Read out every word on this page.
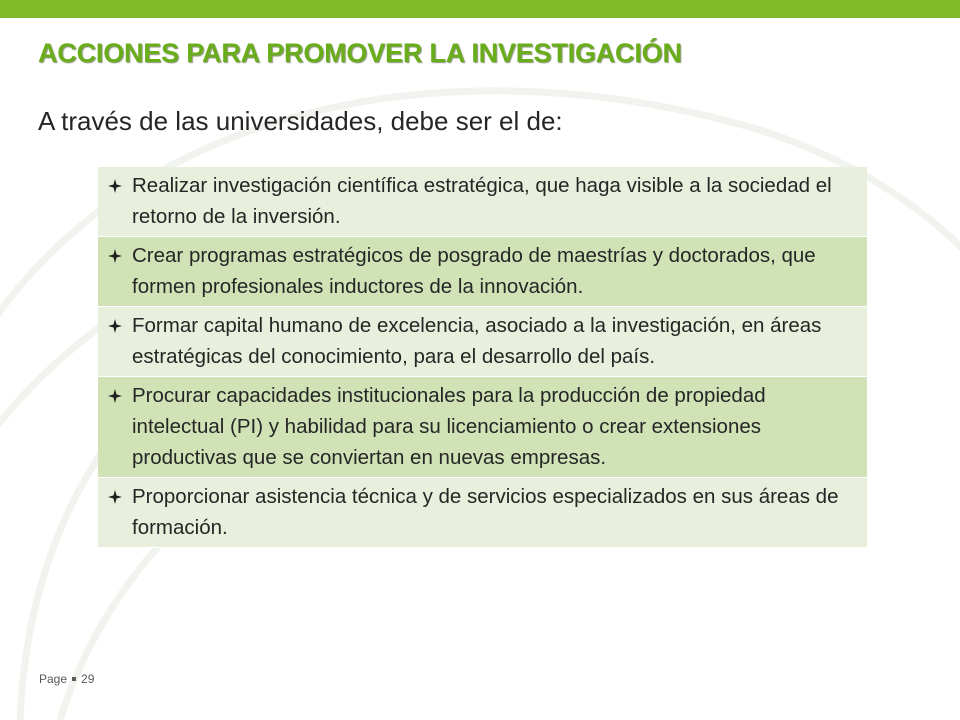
ACCIONES PARA PROMOVER LA INVESTIGACIÓN

A través de las universidades, debe ser el de:

Realizar investigación científica estratégica, que haga visible a la sociedad el retorno de la inversión.

Crear programas estratégicos de posgrado de maestrías y doctorados, que formen profesionales inductores de la innovación.

Formar capital humano de excelencia, asociado a la investigación, en áreas estratégicas del conocimiento, para el desarrollo del país.

Procurar capacidades institucionales para la producción de propiedad intelectual (PI) y habilidad para su licenciamiento o crear extensiones productivas que se conviertan en nuevas empresas.

Proporcionar asistencia técnica y de servicios especializados en sus áreas de formación.
Page 29
